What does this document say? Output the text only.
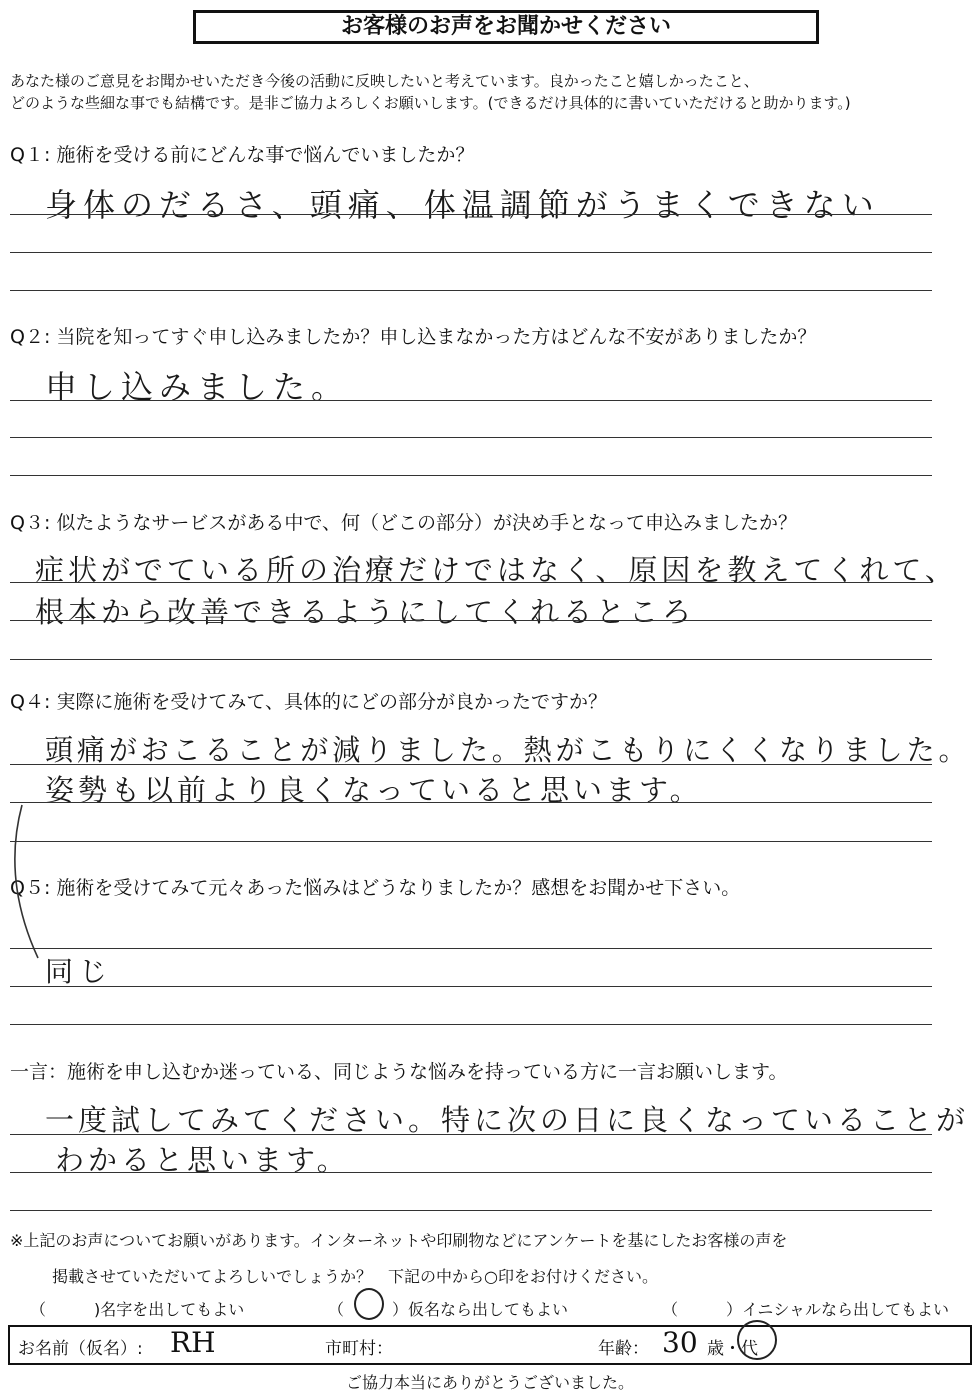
お客様のお声をお聞かせください
あなた様のご意見をお聞かせいただき今後の活動に反映したいと考えています。良かったこと嬉しかったこと、
どのような些細な事でも結構です。是非ご協力よろしくお願いします。(できるだけ具体的に書いていただけると助かります。)
Q１: 施術を受ける前にどんな事で悩んでいましたか？
身体のだるさ、頭痛、体温調節がうまくできない
Q２: 当院を知ってすぐ申し込みましたか？申し込まなかった方はどんな不安がありましたか？
申し込みました。
Q３: 似たようなサービスがある中で、何（どこの部分）が決め手となって申込みましたか？
症状がでている所の治療だけではなく、原因を教えてくれて、
根本から改善できるようにしてくれるところ
Q４: 実際に施術を受けてみて、具体的にどの部分が良かったですか？
頭痛がおこることが減りました。熱がこもりにくくなりました。
姿勢も以前より良くなっていると思います。
Q５: 施術を受けてみて元々あった悩みはどうなりましたか？感想をお聞かせ下さい。
同じ
一言：施術を申し込むか迷っている、同じような悩みを持っている方に一言お願いします。
一度試してみてください。特に次の日に良くなっていることが
わかると思います。
※上記のお声についてお願いがあります。インターネットや印刷物などにアンケートを基にしたお客様の声を
掲載させていただいてよろしいでしょうか？　下記の中から○印をお付けください。
（　　　)名字を出してもよい	（　　　）仮名なら出してもよい	（　　　）イニシャルなら出してもよい
お名前（仮名）: RH	市町村：	年齢： 30 歳・代
ご協力本当にありがとうございました。
